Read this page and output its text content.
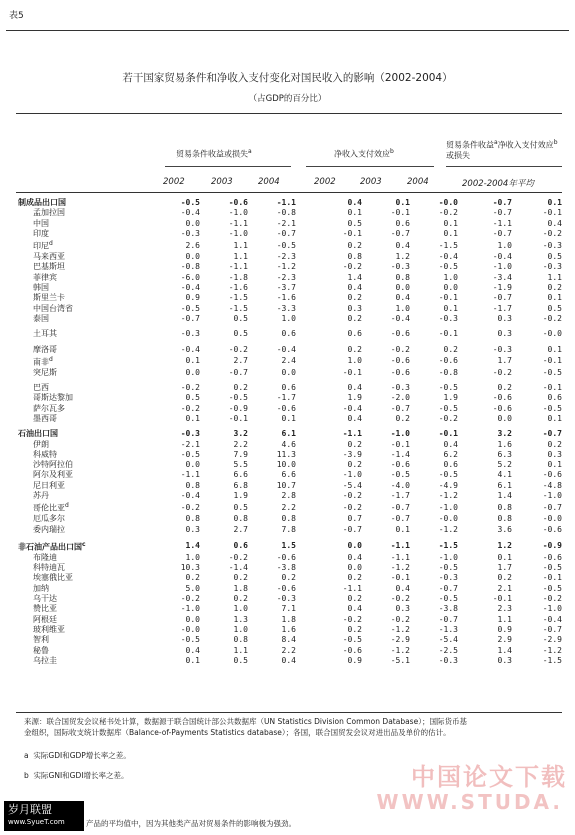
表5
若干国家贸易条件和净收入支付变化对国民收入的影响（2002-2004）
（占GDP的百分比）
贸易条件收益或损失$^a$	净收入支付效应$^b$
贸易条件收益$^a$净收入支付效应$^b$
或损失
2002	2003	2004	2002	2003	2004	2002-2004年平均
制成品出口国	-0.5	-0.6	-1.1	0.4	0.1	-0.0	-0.7	0.1
孟加拉国	-0.4	-1.0	-0.8	0.1	-0.1	-0.2	-0.7	-0.1
中国	0.0	-1.1	-2.1	0.5	0.6	0.1	-1.1	0.4
印度	-0.3	-1.0	-0.7	-0.1	-0.7	0.1	-0.7	-0.2
印尼$^d$	2.6	1.1	-0.5	0.2	0.4	-1.5	1.0	-0.3
马来西亚	0.0	1.1	-2.3	0.8	1.2	-0.4	-0.4	0.5
巴基斯坦	-0.8	-1.1	-1.2	-0.2	-0.3	-0.5	-1.0	-0.3
菲律宾	-6.0	-1.8	-2.3	1.4	0.8	1.0	-3.4	1.1
韩国	-0.4	-1.6	-3.7	0.4	0.0	0.0	-1.9	0.2
斯里兰卡	0.9	-1.5	-1.6	0.2	0.4	-0.1	-0.7	0.1
中国台湾省	-0.5	-1.5	-3.3	0.3	1.0	0.1	-1.7	0.5
泰国	-0.7	0.5	1.0	0.2	-0.4	-0.3	0.3	-0.2

土耳其	-0.3	0.5	0.6	0.6	-0.6	-0.1	0.3	-0.0

摩洛哥	-0.4	-0.2	-0.4	0.2	-0.2	0.2	-0.3	0.1
南非$^d$	0.1	2.7	2.4	1.0	-0.6	-0.6	1.7	-0.1
突尼斯	0.0	-0.7	0.0	-0.1	-0.6	-0.8	-0.2	-0.5

巴西	-0.2	0.2	0.6	0.4	-0.3	-0.5	0.2	-0.1
哥斯达黎加	0.5	-0.5	-1.7	1.9	-2.0	1.9	-0.6	0.6
萨尔瓦多	-0.2	-0.9	-0.6	-0.4	-0.7	-0.5	-0.6	-0.5
墨西哥	0.1	-0.1	0.1	0.4	0.2	-0.2	0.0	0.1

石油出口国	-0.3	3.2	6.1	-1.1	-1.0	-0.1	3.2	-0.7
伊朗	-2.1	2.2	4.6	0.2	-0.1	0.4	1.6	0.2
科威特	-0.5	7.9	11.3	-3.9	-1.4	6.2	6.3	0.3
沙特阿拉伯	0.0	5.5	10.0	0.2	-0.6	0.6	5.2	0.1
阿尔及利亚	-1.1	6.6	6.6	-1.0	-0.5	-0.5	4.1	-0.6
尼日利亚	0.8	6.8	10.7	-5.4	-4.0	-4.9	6.1	-4.8
苏丹	-0.4	1.9	2.8	-0.2	-1.7	-1.2	1.4	-1.0
哥伦比亚$^d$	-0.2	0.5	2.2	-0.2	-0.7	-1.0	0.8	-0.7
厄瓜多尔	0.8	0.8	0.8	0.7	-0.7	-0.0	0.8	-0.0
委内瑞拉	0.3	2.7	7.8	-0.7	0.1	-1.2	3.6	-0.6

非石油产品出口国$^c$	1.4	0.6	1.5	0.0	-1.1	-1.5	1.2	-0.9
布隆迪	1.0	-0.2	-0.6	0.4	-1.1	-1.0	0.1	-0.6
科特迪瓦	10.3	-1.4	-3.8	0.0	-1.2	-0.5	1.7	-0.5
埃塞俄比亚	0.2	0.2	0.2	0.2	-0.1	-0.3	0.2	-0.1
加纳	5.0	1.8	-0.6	-1.1	0.4	-0.7	2.1	-0.5
乌干达	-0.2	0.2	-0.3	0.2	-0.2	-0.5	-0.1	-0.2
赞比亚	-1.0	1.0	7.1	0.4	0.3	-3.8	2.3	-1.0
阿根廷	0.0	1.3	1.8	-0.2	-0.2	-0.7	1.1	-0.4
玻利维亚	-0.0	1.0	1.6	0.2	-1.2	-1.3	0.9	-0.7
智利	-0.5	0.8	8.4	-0.5	-2.9	-5.4	2.9	-2.9
秘鲁	0.4	1.1	2.2	-0.6	-1.2	-2.5	1.4	-1.2
乌拉圭	0.1	0.5	0.4	0.9	-5.1	-0.3	0.3	-1.5
来源：联合国贸发会议秘书处计算，数据源于联合国统计部公共数据库（UN Statistics Division Common Database）；国际货币基
金组织，国际收支统计数据库（Balance-of-Payments Statistics database）；各国，联合国贸发会议对进出品及单价的估计。
a 实际GDI和GDP增长率之差。
b 实际GNI和GDI增长率之差。
产品的平均值中，因为其他类产品对贸易条件的影响极为强劲。
中国论文下载
WWW.STUDA.
岁月联盟
www.SyueT.com
